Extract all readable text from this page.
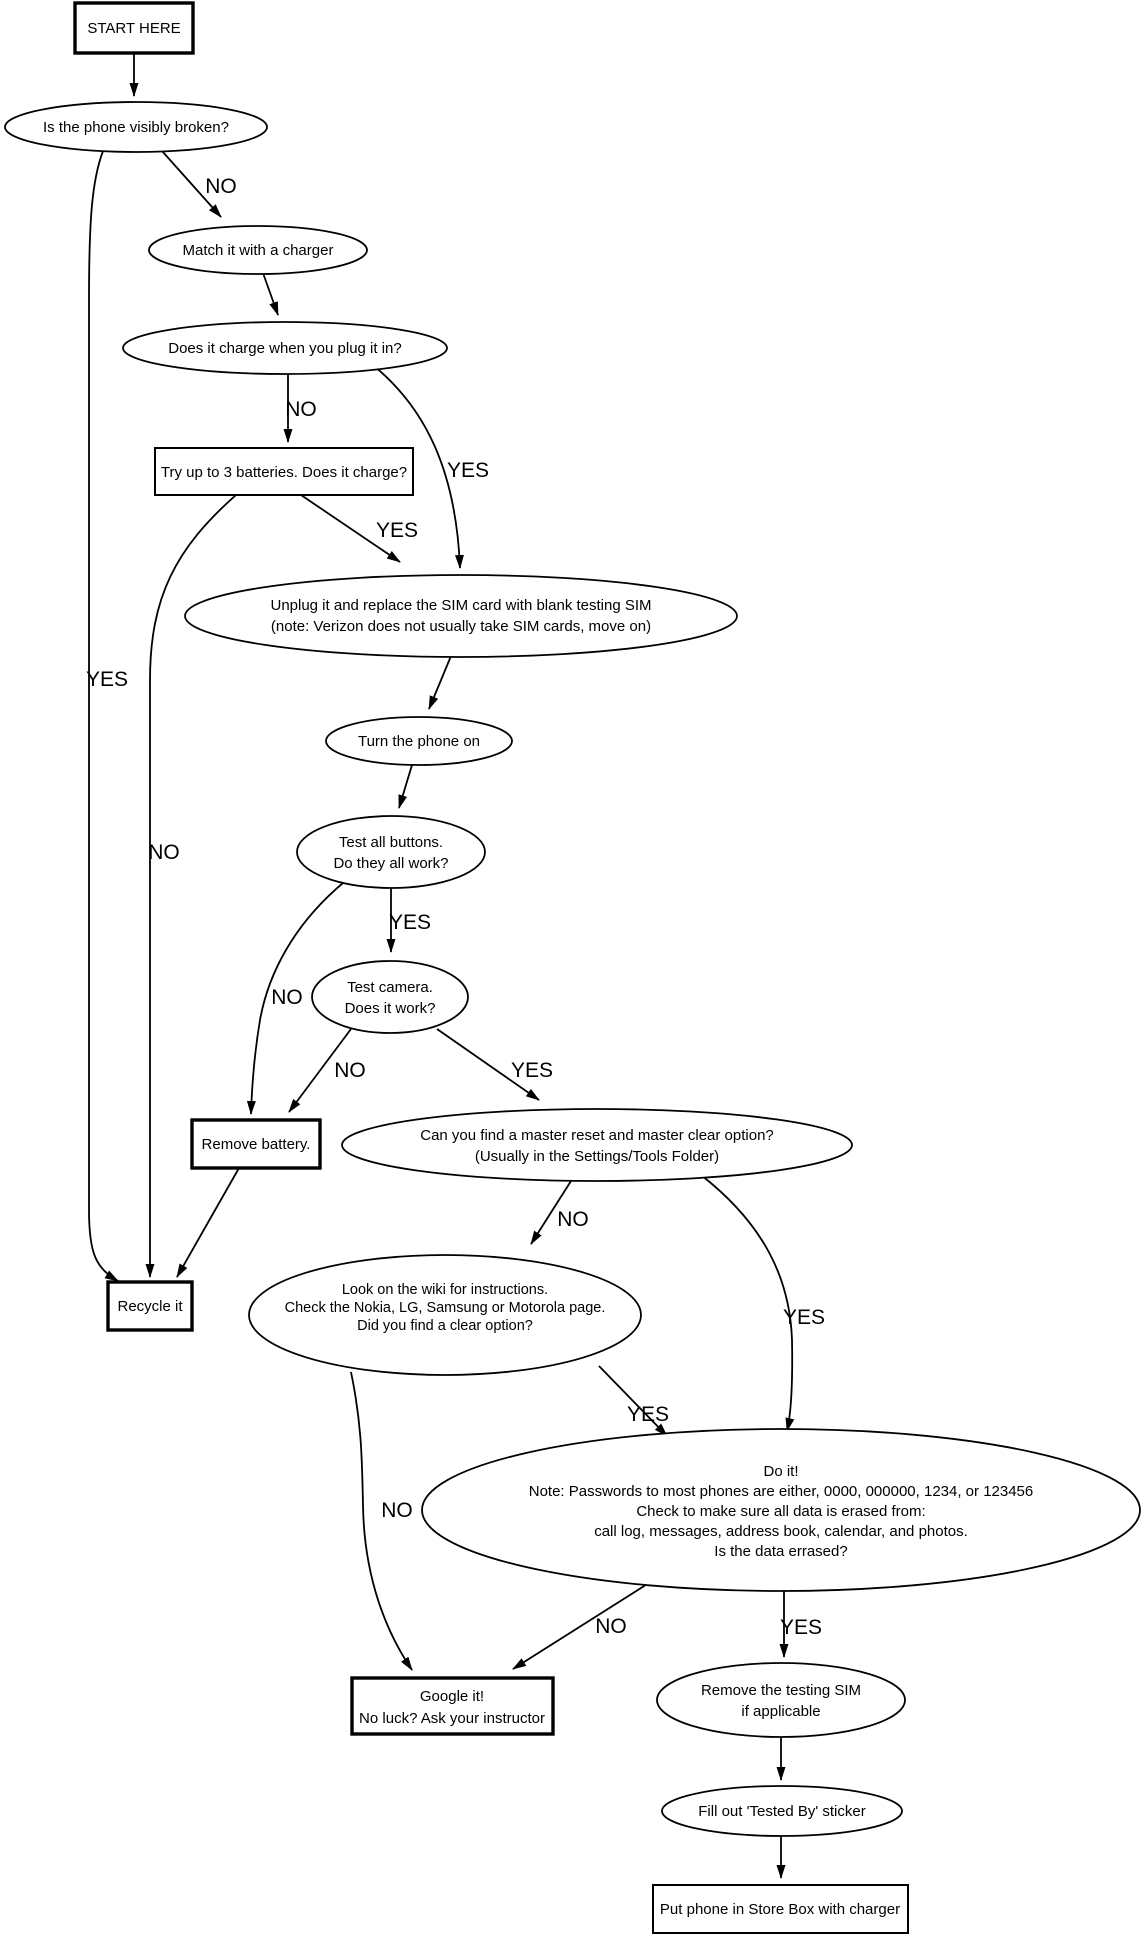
NO
YES
NO
YES
YES
NO
YES
NO
NO	YES
NO
YES
YES
NO
NO	YES
START HERE
Is the phone visibly broken?
Match it with a charger
Does it charge when you plug it in?
Try up to 3 batteries. Does it charge?
Unplug it and replace the SIM card with blank testing SIM
(note: Verizon does not usually take SIM cards, move on)
Turn the phone on
Test all buttons.
Do they all work?
Test camera.
Does it work?
Remove battery.
Can you find a master reset and master clear option?
(Usually in the Settings/Tools Folder)
Recycle it
Look on the wiki for instructions.
Check the Nokia, LG, Samsung or Motorola page.
Did you find a clear option?
Do it!
Note: Passwords to most phones are either, 0000, 000000, 1234, or 123456
Check to make sure all data is erased from:
call log, messages, address book, calendar, and photos.
Is the data errased?
Google it!
No luck? Ask your instructor
Remove the testing SIM
if applicable
Fill out 'Tested By' sticker
Put phone in Store Box with charger
